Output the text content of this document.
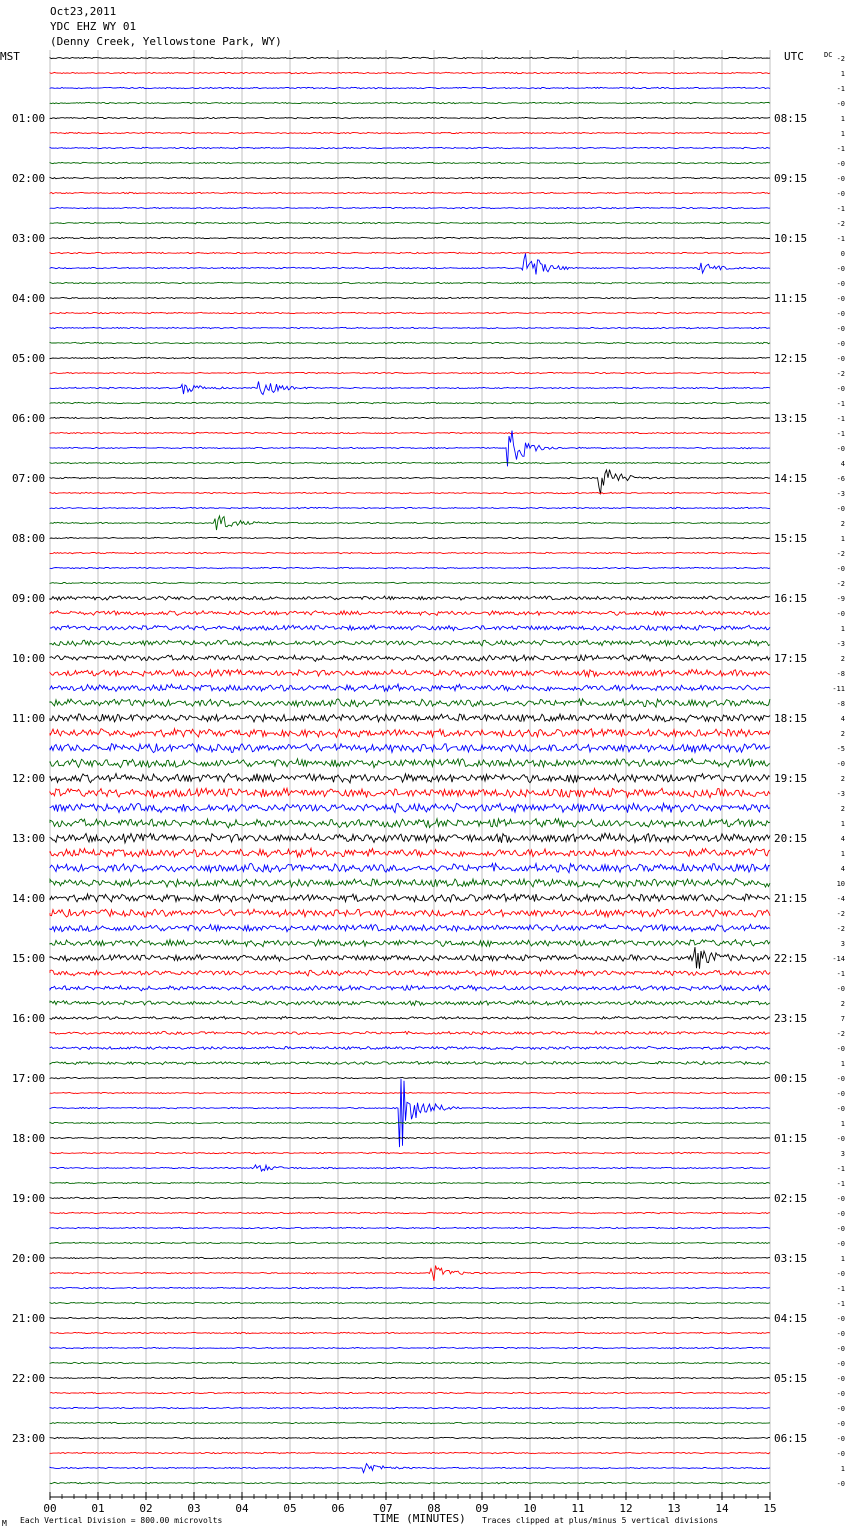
Oct23,2011
YDC EHZ WY 01
(Denny Creek, Yellowstone Park, WY)
MST	UTC	DC
01:00
02:00
03:00
04:00
05:00
06:00
07:00
08:00
09:00
10:00
11:00
12:00
13:00
14:00
15:00
16:00
17:00
18:00
19:00
20:00
21:00
22:00
23:00
08:15
09:15
10:15
11:15
12:15
13:15
14:15
15:15
16:15
17:15
18:15
19:15
20:15
21:15
22:15
23:15
00:15
01:15
02:15
03:15
04:15
05:15
06:15
-2
1
-1
-0
1
1
-1
-0
-0
-0
-1
-2
-1
0
-0
-0
-0
-0
-0
-0
-0
-2
-0
-1
-1
-1
-0
4
-6
-3
-0
2
1
-2
-0
-2
-9
-0
1
-3
2
-8
-11
-8
4
2
-5
-0
2
-3
2
1
4
1
4
10
-4
-2
-2
3
-14
-1
-0
2
7
-2
-0
1
-0
-0
-0
1
-0
3
-1
-1
-0
-0
-0
-0
1
-0
-1
-1
-0
-0
-0
-0
-0
-0
-0
-0
-0
-0
1
-0
00	01	02	03	04	05	06	07	08	09	10	11	12	13	14	15
TIME (MINUTES)
Each Vertical Division = 800.00 microvolts	Traces clipped at plus/minus 5 vertical divisions
M
